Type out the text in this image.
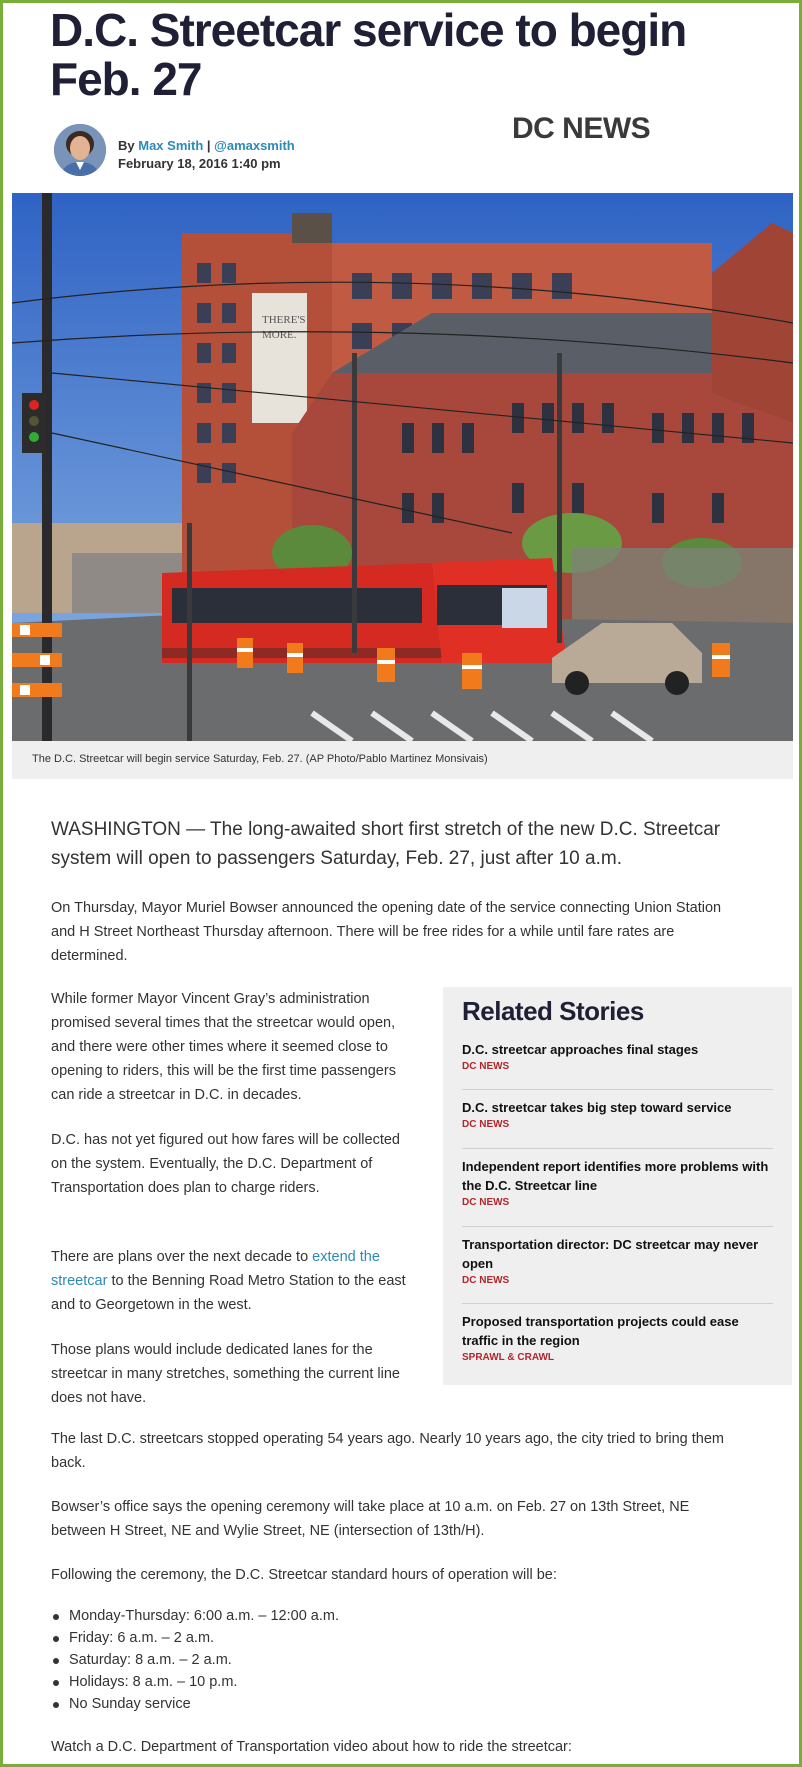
D.C. Streetcar service to begin Feb. 27
By Max Smith | @amaxsmith
February 18, 2016 1:40 pm
DC NEWS
THERE'S
MORE.
The D.C. Streetcar will begin service Saturday, Feb. 27. (AP Photo/Pablo Martinez Monsivais)

WASHINGTON — The long-awaited short first stretch of the new D.C. Streetcar system will open to passengers Saturday, Feb. 27, just after 10 a.m.

On Thursday, Mayor Muriel Bowser announced the opening date of the service connecting Union Station and H Street Northeast Thursday afternoon. There will be free rides for a while until fare rates are determined.

While former Mayor Vincent Gray’s administration promised several times that the streetcar would open, and there were other times where it seemed close to opening to riders, this will be the first time passengers can ride a streetcar in D.C. in decades.

D.C. has not yet figured out how fares will be collected on the system. Eventually, the D.C. Department of Transportation does plan to charge riders.

There are plans over the next decade to extend the streetcar to the Benning Road Metro Station to the east and to Georgetown in the west.

Those plans would include dedicated lanes for the streetcar in many stretches, something the current line does not have.

Related Stories
D.C. streetcar approaches final stages
DC NEWS
D.C. streetcar takes big step toward service
DC NEWS
Independent report identifies more problems with the D.C. Streetcar line
DC NEWS
Transportation director: DC streetcar may never open
DC NEWS
Proposed transportation projects could ease traffic in the region
SPRAWL & CRAWL

The last D.C. streetcars stopped operating 54 years ago. Nearly 10 years ago, the city tried to bring them back.

Bowser’s office says the opening ceremony will take place at 10 a.m. on Feb. 27 on 13th Street, NE between H Street, NE and Wylie Street, NE (intersection of 13th/H).

Following the ceremony, the D.C. Streetcar standard hours of operation will be:

Monday-Thursday: 6:00 a.m. – 12:00 a.m.
Friday: 6 a.m. – 2 a.m.
Saturday: 8 a.m. – 2 a.m.
Holidays: 8 a.m. – 10 p.m.
No Sunday service

Watch a D.C. Department of Transportation video about how to ride the streetcar:
